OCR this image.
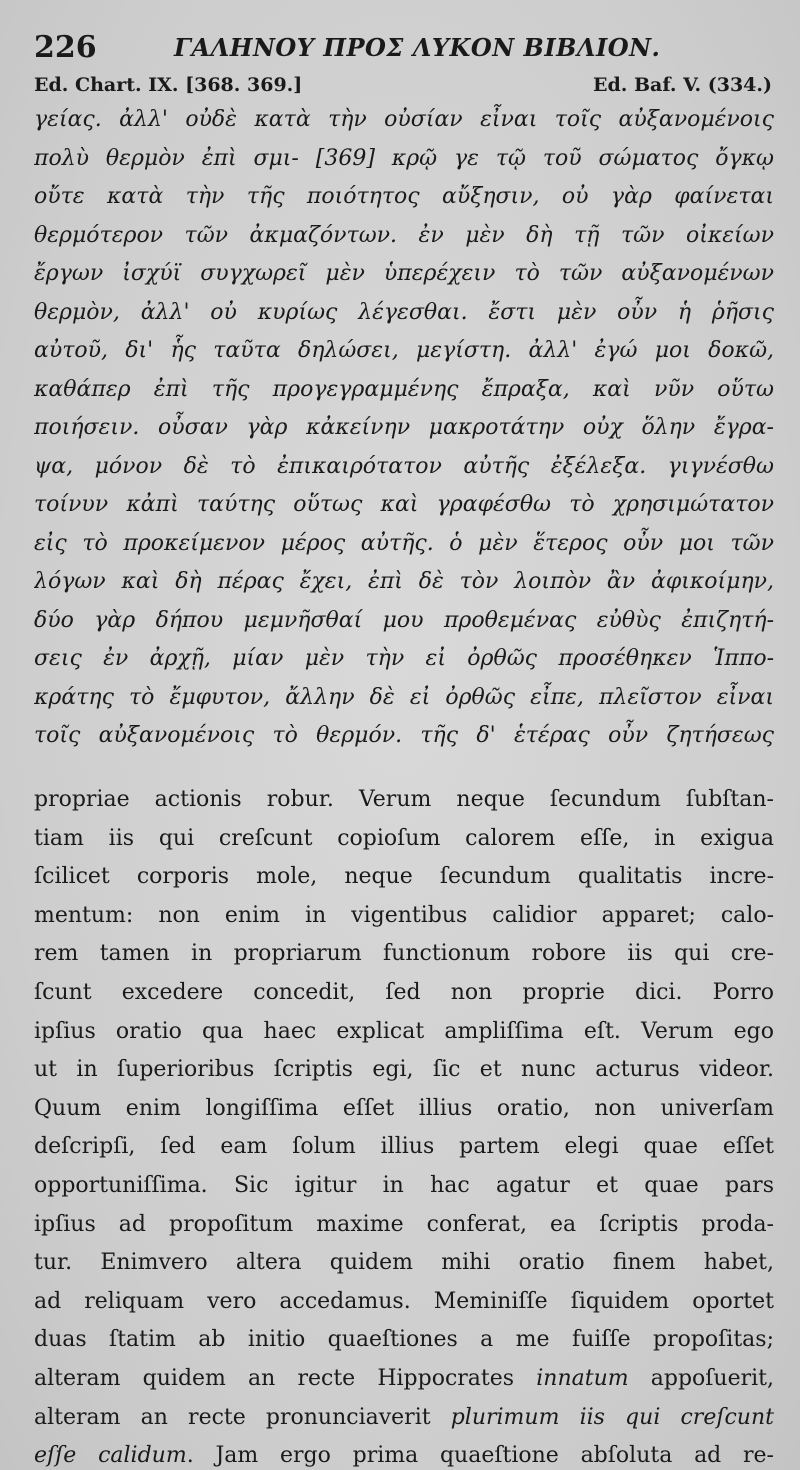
226	ΓΑΛΗΝΟΥ ΠΡΟΣ ΛΥΚΟΝ ΒΙΒΛΙΟΝ.
Ed. Chart. IX. [368. 369.]	Ed. Baf. V. (334.)
γείας. ἀλλ' οὐδὲ κατὰ τὴν οὐσίαν εἶναι τοῖς αὐξανομένοις
πολὺ θερμὸν ἐπὶ σμι- [369] κρῷ γε τῷ τοῦ σώματος ὄγκῳ
οὔτε κατὰ τὴν τῆς ποιότητος αὔξησιν, οὐ γὰρ φαίνεται
θερμότερον τῶν ἀκμαζόντων. ἐν μὲν δὴ τῇ τῶν οἰκείων
ἔργων ἰσχύϊ συγχωρεῖ μὲν ὑπερέχειν τὸ τῶν αὐξανομένων
θερμὸν, ἀλλ' οὐ κυρίως λέγεσθαι. ἔστι μὲν οὖν ἡ ῥῆσις
αὐτοῦ, δι' ἧς ταῦτα δηλώσει, μεγίστη. ἀλλ' ἐγώ μοι δοκῶ,
καθάπερ ἐπὶ τῆς προγεγραμμένης ἔπραξα, καὶ νῦν οὕτω
ποιήσειν. οὖσαν γὰρ κἀκείνην μακροτάτην οὐχ ὅλην ἔγρα-
ψα, μόνον δὲ τὸ ἐπικαιρότατον αὐτῆς ἐξέλεξα. γιγνέσθω
τοίνυν κἀπὶ ταύτης οὕτως καὶ γραφέσθω τὸ χρησιμώτατον
εἰς τὸ προκείμενον μέρος αὐτῆς. ὁ μὲν ἕτερος οὖν μοι τῶν
λόγων καὶ δὴ πέρας ἔχει, ἐπὶ δὲ τὸν λοιπὸν ἂν ἀφικοίμην,
δύο γὰρ δήπου μεμνῆσθαί μου προθεμένας εὐθὺς ἐπιζητή-
σεις ἐν ἀρχῇ, μίαν μὲν τὴν εἰ ὀρθῶς προσέθηκεν Ἱππο-
κράτης τὸ ἔμφυτον, ἄλλην δὲ εἰ ὀρθῶς εἶπε, πλεῖστον εἶναι
τοῖς αὐξανομένοις τὸ θερμόν. τῆς δ' ἑτέρας οὖν ζητήσεως
propriae actionis robur. Verum neque ſecundum ſubſtan-
tiam iis qui creſcunt copioſum calorem eſſe, in exigua
ſcilicet corporis mole, neque ſecundum qualitatis incre-
mentum: non enim in vigentibus calidior apparet; calo-
rem tamen in propriarum functionum robore iis qui cre-
ſcunt excedere concedit, ſed non proprie dici. Porro
ipſius oratio qua haec explicat ampliſſima eſt. Verum ego
ut in ſuperioribus ſcriptis egi, ſic et nunc acturus videor.
Quum enim longiſſima eſſet illius oratio, non univerſam
deſcripſi, ſed eam ſolum illius partem elegi quae eſſet
opportuniſſima. Sic igitur in hac agatur et quae pars
ipſius ad propoſitum maxime conferat, ea ſcriptis proda-
tur. Enimvero altera quidem mihi oratio finem habet,
ad reliquam vero accedamus. Meminiſſe ſiquidem oportet
duas ſtatim ab initio quaeſtiones a me fuiſſe propoſitas;
alteram quidem an recte Hippocrates innatum appoſuerit,
alteram an recte pronunciaverit plurimum iis qui creſcunt
eſſe calidum. Jam ergo prima quaeſtione abſoluta ad re-
